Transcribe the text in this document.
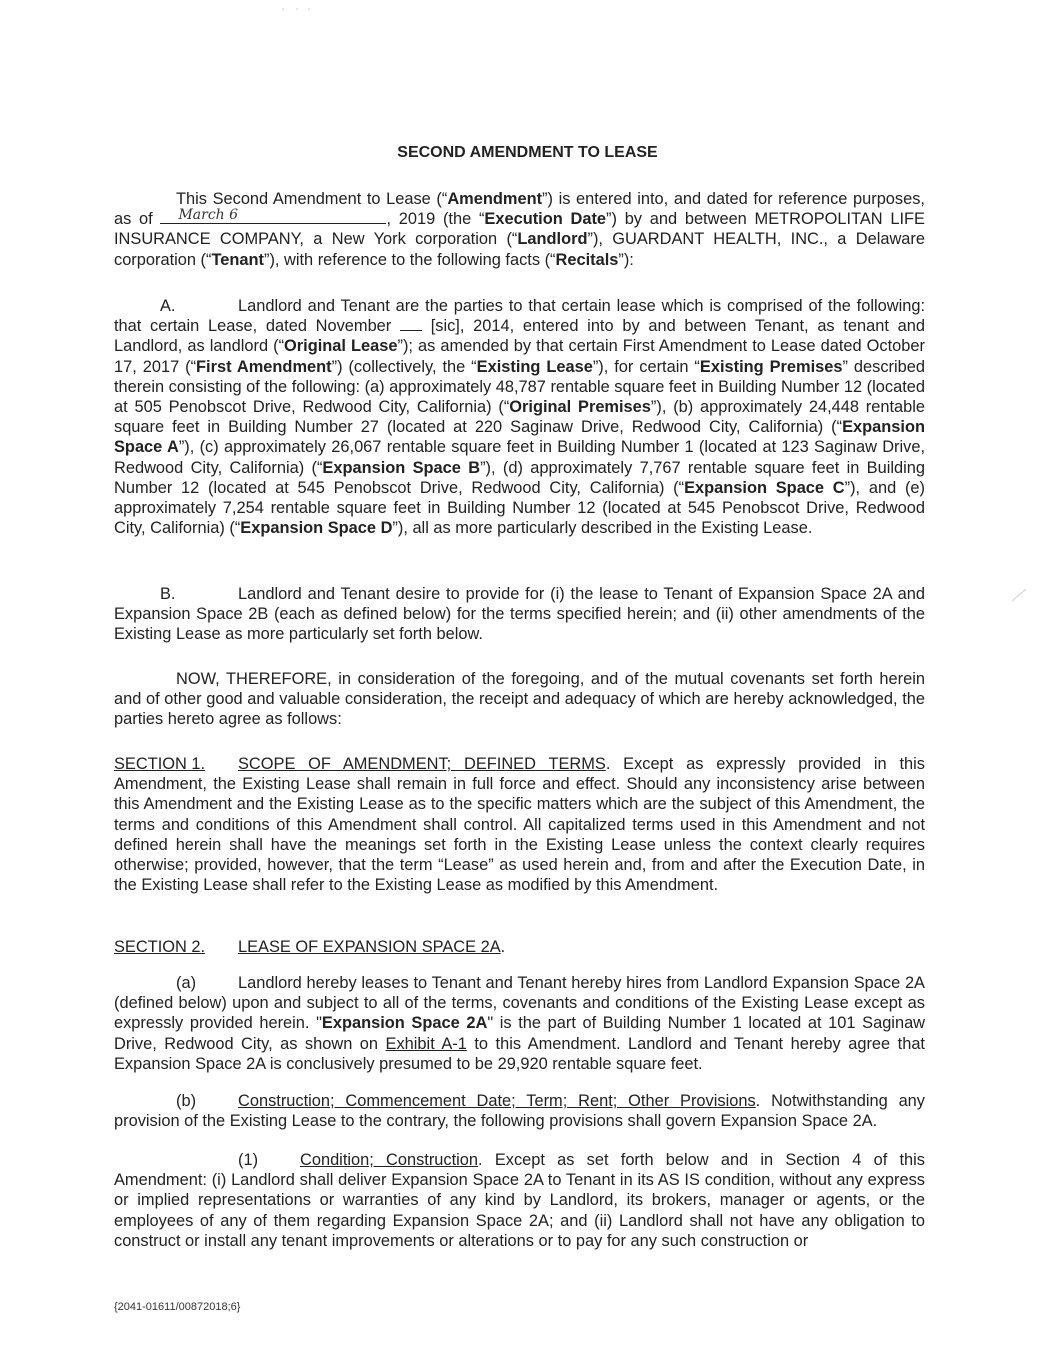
SECOND AMENDMENT TO LEASE
This Second Amendment to Lease (“Amendment”) is entered into, and dated for reference purposes, as of March 6	, 2019 (the “Execution Date”) by and between METROPOLITAN LIFE INSURANCE COMPANY, a New York corporation (“Landlord”), GUARDANT HEALTH, INC., a Delaware corporation (“Tenant”), with reference to the following facts (“Recitals”):
A.	Landlord and Tenant are the parties to that certain lease which is comprised of the following: that certain Lease, dated November  [sic], 2014, entered into by and between Tenant, as tenant and Landlord, as landlord (“Original Lease”); as amended by that certain First Amendment to Lease dated October 17, 2017 (“First Amendment”) (collectively, the “Existing Lease”), for certain “Existing Premises” described therein consisting of the following: (a) approximately 48,787 rentable square feet in Building Number 12 (located at 505 Penobscot Drive, Redwood City, California) (“Original Premises”), (b) approximately 24,448 rentable square feet in Building Number 27 (located at 220 Saginaw Drive, Redwood City, California) (“Expansion Space A”), (c) approximately 26,067 rentable square feet in Building Number 1 (located at 123 Saginaw Drive, Redwood City, California) (“Expansion Space B”), (d) approximately 7,767 rentable square feet in Building Number 12 (located at 545 Penobscot Drive, Redwood City, California) (“Expansion Space C”), and (e) approximately 7,254 rentable square feet in Building Number 12 (located at 545 Penobscot Drive, Redwood City, California) (“Expansion Space D”), all as more particularly described in the Existing Lease.
B.	Landlord and Tenant desire to provide for (i) the lease to Tenant of Expansion Space 2A and Expansion Space 2B (each as defined below) for the terms specified herein; and (ii) other amendments of the Existing Lease as more particularly set forth below.
NOW, THEREFORE, in consideration of the foregoing, and of the mutual covenants set forth herein and of other good and valuable consideration, the receipt and adequacy of which are hereby acknowledged, the parties hereto agree as follows:
SECTION 1. SCOPE OF AMENDMENT; DEFINED TERMS. Except as expressly provided in this Amendment, the Existing Lease shall remain in full force and effect. Should any inconsistency arise between this Amendment and the Existing Lease as to the specific matters which are the subject of this Amendment, the terms and conditions of this Amendment shall control. All capitalized terms used in this Amendment and not defined herein shall have the meanings set forth in the Existing Lease unless the context clearly requires otherwise; provided, however, that the term “Lease” as used herein and, from and after the Execution Date, in the Existing Lease shall refer to the Existing Lease as modified by this Amendment.
SECTION 2. LEASE OF EXPANSION SPACE 2A.
(a)	Landlord hereby leases to Tenant and Tenant hereby hires from Landlord Expansion Space 2A (defined below) upon and subject to all of the terms, covenants and conditions of the Existing Lease except as expressly provided herein. "Expansion Space 2A" is the part of Building Number 1 located at 101 Saginaw Drive, Redwood City, as shown on Exhibit A-1 to this Amendment. Landlord and Tenant hereby agree that Expansion Space 2A is conclusively presumed to be 29,920 rentable square feet.
(b)	Construction; Commencement Date; Term; Rent; Other Provisions. Notwithstanding any provision of the Existing Lease to the contrary, the following provisions shall govern Expansion Space 2A.
(1)	Condition; Construction. Except as set forth below and in Section 4 of this Amendment: (i) Landlord shall deliver Expansion Space 2A to Tenant in its AS IS condition, without any express or implied representations or warranties of any kind by Landlord, its brokers, manager or agents, or the employees of any of them regarding Expansion Space 2A; and (ii) Landlord shall not have any obligation to construct or install any tenant improvements or alterations or to pay for any such construction or
{2041-01611/00872018;6}
